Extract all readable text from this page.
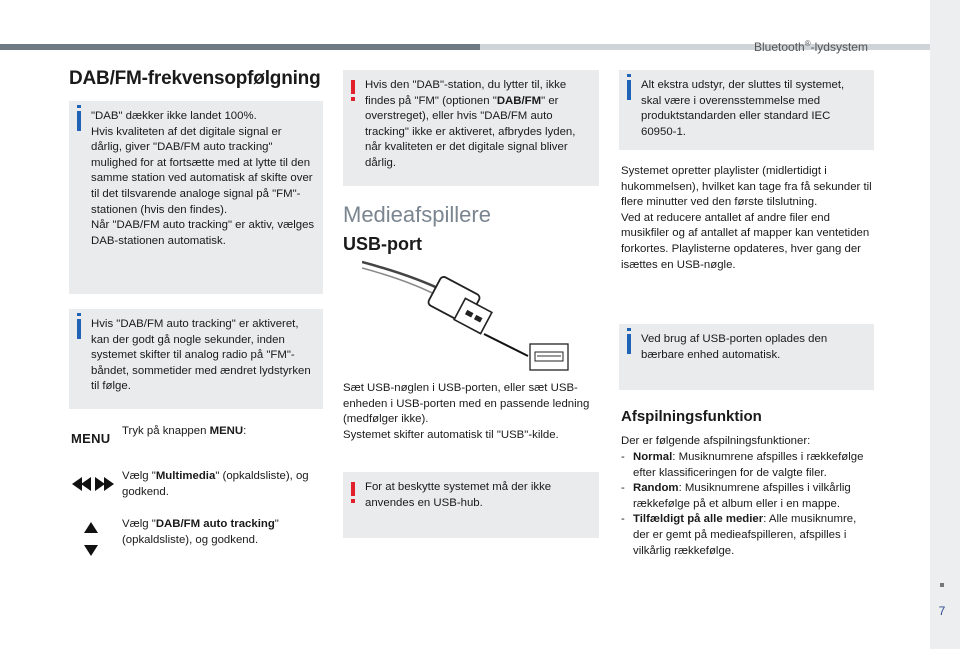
Bluetooth®-lydsystem
7
DAB/FM-frekvensopfølgning
"DAB" dækker ikke landet 100%.
Hvis kvaliteten af det digitale signal er dårlig, giver "DAB/FM auto tracking" mulighed for at fortsætte med at lytte til den samme station ved automatisk af skifte over til det tilsvarende analoge signal på "FM"-stationen (hvis den findes).
Når "DAB/FM auto tracking" er aktiv, vælges DAB-stationen automatisk.
Hvis "DAB/FM auto tracking" er aktiveret, kan der godt gå nogle sekunder, inden systemet skifter til analog radio på "FM"-båndet, sommetider med ændret lydstyrken til følge.
MENU Tryk på knappen MENU:
Vælg "Multimedia" (opkaldsliste), og godkend.
Vælg "DAB/FM auto tracking" (opkaldsliste), og godkend.
Hvis den "DAB"-station, du lytter til, ikke findes på "FM" (optionen "DAB/FM" er overstreget), eller hvis "DAB/FM auto tracking" ikke er aktiveret, afbrydes lyden, når kvaliteten er det digitale signal bliver dårlig.
Medieafspillere
USB-port
Sæt USB-nøglen i USB-porten, eller sæt USB-enheden i USB-porten med en passende ledning (medfølger ikke).
Systemet skifter automatisk til "USB"-kilde.
For at beskytte systemet må der ikke anvendes en USB-hub.
Alt ekstra udstyr, der sluttes til systemet, skal være i overensstemmelse med produktstandarden eller standard IEC 60950-1.
Systemet opretter playlister (midlertidigt i hukommelsen), hvilket kan tage fra få sekunder til flere minutter ved den første tilslutning.
Ved at reducere antallet af andre filer end musikfiler og af antallet af mapper kan ventetiden forkortes. Playlisterne opdateres, hver gang der isættes en USB-nøgle.
Ved brug af USB-porten oplades den bærbare enhed automatisk.
Afspilningsfunktion
Der er følgende afspilningsfunktioner:
- Normal: Musiknumrene afspilles i rækkefølge efter klassificeringen for de valgte filer.
- Random: Musiknumrene afspilles i vilkårlig rækkefølge på et album eller i en mappe.
- Tilfældigt på alle medier: Alle musiknumre, der er gemt på medieafspilleren, afspilles i vilkårlig rækkefølge.
